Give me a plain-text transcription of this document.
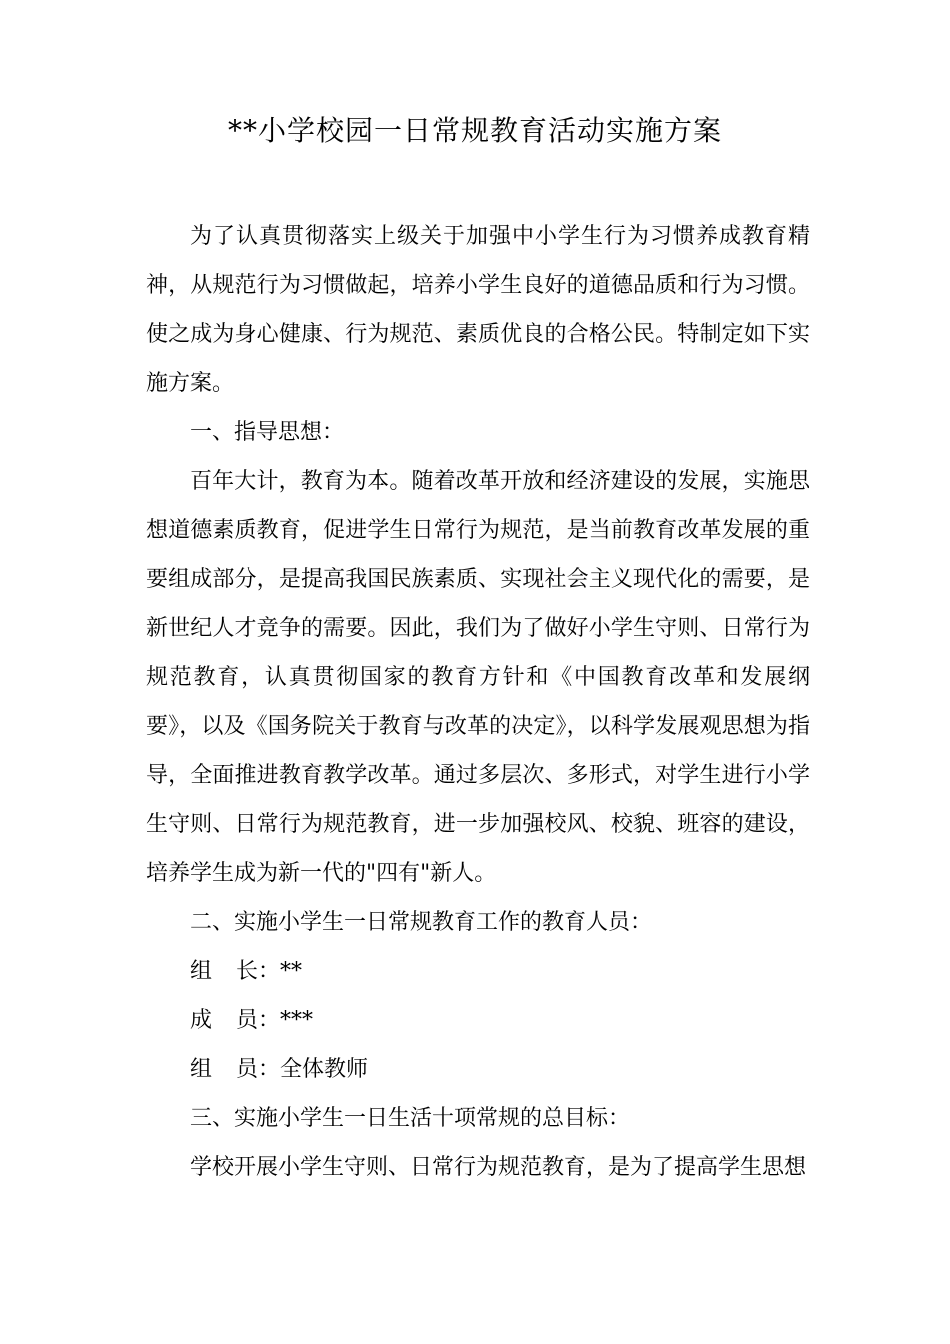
**小学校园一日常规教育活动实施方案

为了认真贯彻落实上级关于加强中小学生行为习惯养成教育精神，从规范行为习惯做起，培养小学生良好的道德品质和行为习惯。使之成为身心健康、行为规范、素质优良的合格公民。特制定如下实施方案。

一、指导思想：

百年大计，教育为本。随着改革开放和经济建设的发展，实施思想道德素质教育，促进学生日常行为规范，是当前教育改革发展的重要组成部分，是提高我国民族素质、实现社会主义现代化的需要，是新世纪人才竞争的需要。因此，我们为了做好小学生守则、日常行为规范教育，认真贯彻国家的教育方针和《中国教育改革和发展纲要》，以及《国务院关于教育与改革的决定》，以科学发展观思想为指导，全面推进教育教学改革。通过多层次、多形式，对学生进行小学生守则、日常行为规范教育，进一步加强校风、校貌、班容的建设，培养学生成为新一代的"四有"新人。

二、实施小学生一日常规教育工作的教育人员：

组 长：**

成 员：***

组 员：全体教师

三、实施小学生一日生活十项常规的总目标：

学校开展小学生守则、日常行为规范教育，是为了提高学生思想
